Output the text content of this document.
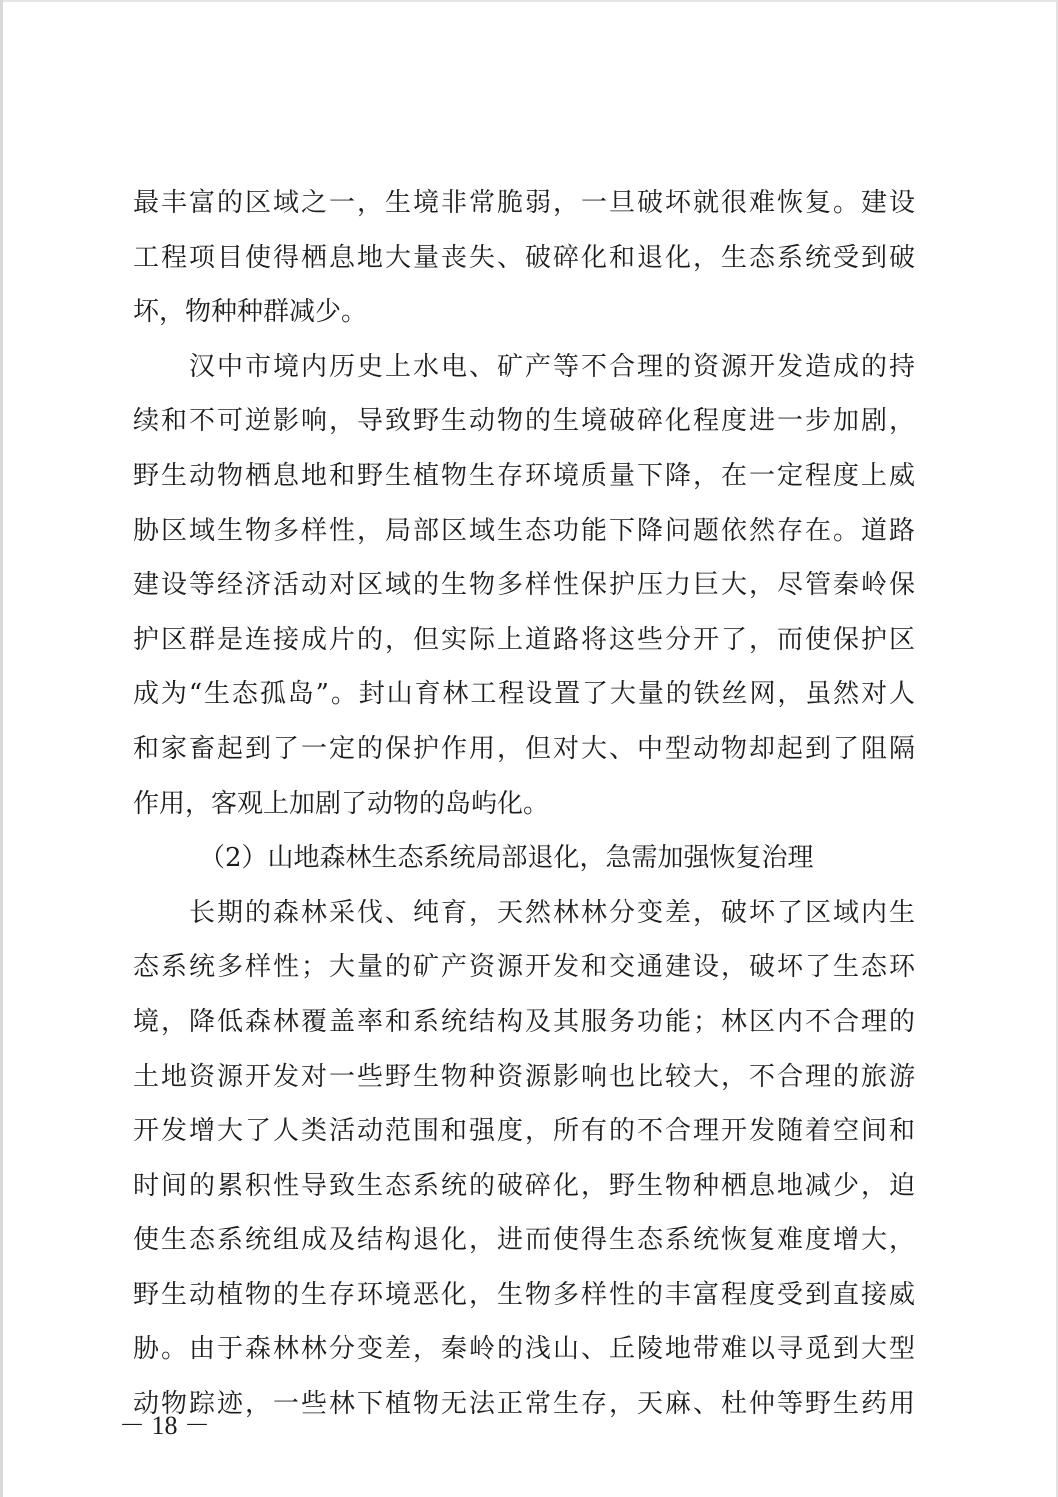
最丰富的区域之一，生境非常脆弱，一旦破坏就很难恢复。建设
工程项目使得栖息地大量丧失、破碎化和退化，生态系统受到破
坏，物种种群减少。
汉中市境内历史上水电、矿产等不合理的资源开发造成的持
续和不可逆影响，导致野生动物的生境破碎化程度进一步加剧，
野生动物栖息地和野生植物生存环境质量下降，在一定程度上威
胁区域生物多样性，局部区域生态功能下降问题依然存在。道路
建设等经济活动对区域的生物多样性保护压力巨大，尽管秦岭保
护区群是连接成片的，但实际上道路将这些分开了，而使保护区
成为“生态孤岛”。封山育林工程设置了大量的铁丝网，虽然对人
和家畜起到了一定的保护作用，但对大、中型动物却起到了阻隔
作用，客观上加剧了动物的岛屿化。
（2）山地森林生态系统局部退化，急需加强恢复治理
长期的森林采伐、纯育，天然林林分变差，破坏了区域内生
态系统多样性；大量的矿产资源开发和交通建设，破坏了生态环
境，降低森林覆盖率和系统结构及其服务功能；林区内不合理的
土地资源开发对一些野生物种资源影响也比较大，不合理的旅游
开发增大了人类活动范围和强度，所有的不合理开发随着空间和
时间的累积性导致生态系统的破碎化，野生物种栖息地减少，迫
使生态系统组成及结构退化，进而使得生态系统恢复难度增大，
野生动植物的生存环境恶化，生物多样性的丰富程度受到直接威
胁。由于森林林分变差，秦岭的浅山、丘陵地带难以寻觅到大型
动物踪迹，一些林下植物无法正常生存，天麻、杜仲等野生药用
－ 18 －
